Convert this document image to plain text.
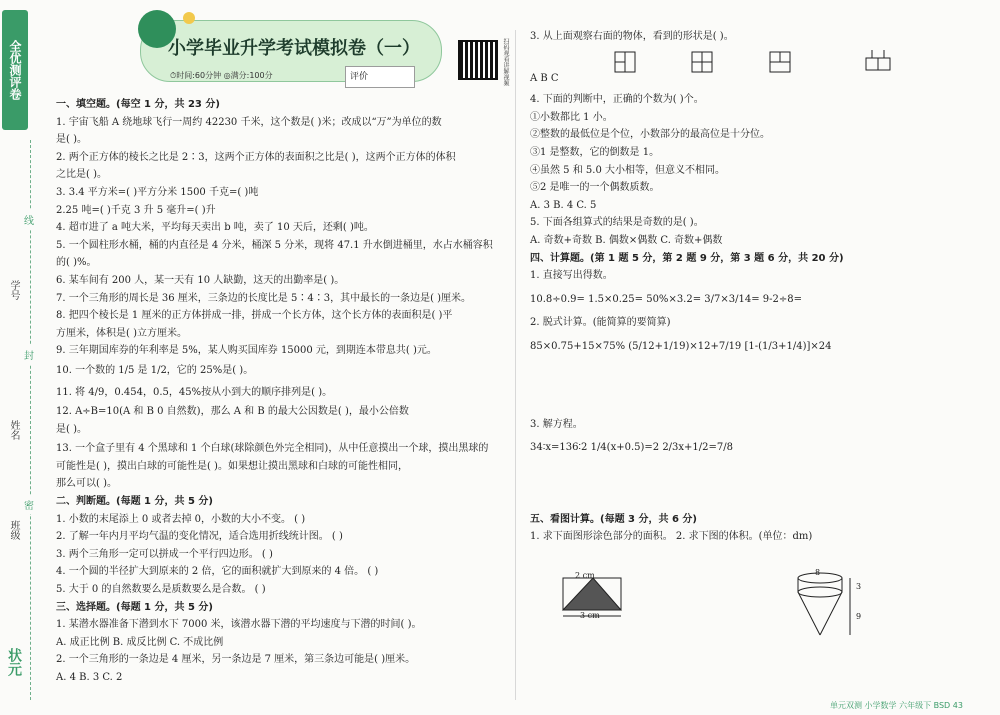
全优测评卷
线
封
密
学号
姓名
班级
状元
小学毕业升学考试模拟卷（一）
⏱时间:60分钟 ◎满分:100分	评价	扫码观看讲解视频
一、填空题。(每空 1 分，共 23 分)
1. 宇宙飞船 A 绕地球飞行一周约 42230 千米，这个数是( )米；改成以“万”为单位的数
是( )。
2. 两个正方体的棱长之比是 2∶3，这两个正方体的表面积之比是( )，这两个正方体的体积
之比是( )。
3. 3.4 平方米=( )平方分米 1500 千克=( )吨
2.25 吨=( )千克 3 升 5 毫升=( )升
4. 超市进了 a 吨大米，平均每天卖出 b 吨，卖了 10 天后，还剩( )吨。
5. 一个圆柱形水桶，桶的内直径是 4 分米，桶深 5 分米，现将 47.1 升水倒进桶里，水占水桶容积
的( )%。
6. 某车间有 200 人，某一天有 10 人缺勤，这天的出勤率是( )。
7. 一个三角形的周长是 36 厘米，三条边的长度比是 5∶4∶3，其中最长的一条边是( )厘米。
8. 把四个棱长是 1 厘米的正方体拼成一排，拼成一个长方体，这个长方体的表面积是( )平
方厘米，体积是( )立方厘米。
9. 三年期国库券的年利率是 5%，某人购买国库券 15000 元，到期连本带息共( )元。
10. 一个数的 1/5 是 1/2，它的 25%是( )。
11. 将 4/9，0.454，0.5，45%按从小到大的顺序排列是( )。
12. A÷B=10(A 和 B 0 自然数)，那么 A 和 B 的最大公因数是( )，最小公倍数
是( )。
13. 一个盒子里有 4 个黑球和 1 个白球(球除颜色外完全相同)，从中任意摸出一个球，摸出黑球的
可能性是( )，摸出白球的可能性是( )。如果想让摸出黑球和白球的可能性相同，
那么可以( )。
二、判断题。(每题 1 分，共 5 分)
1. 小数的末尾添上 0 或者去掉 0，小数的大小不变。 ( )
2. 了解一年内月平均气温的变化情况，适合选用折线统计图。 ( )
3. 两个三角形一定可以拼成一个平行四边形。 ( )
4. 一个圆的半径扩大到原来的 2 倍，它的面积就扩大到原来的 4 倍。 ( )
5. 大于 0 的自然数要么是质数要么是合数。 ( )
三、选择题。(每题 1 分，共 5 分)
1. 某潜水器准备下潜到水下 7000 米，该潜水器下潜的平均速度与下潜的时间( )。
A. 成正比例 B. 成反比例 C. 不成比例
2. 一个三角形的一条边是 4 厘米，另一条边是 7 厘米，第三条边可能是( )厘米。
A. 4 B. 3 C. 2
3. 从上面观察右面的物体，看到的形状是( )。
A B C
4. 下面的判断中，正确的个数为( )个。
①小数都比 1 小。
②整数的最低位是个位，小数部分的最高位是十分位。
③1 是整数，它的倒数是 1。
④虽然 5 和 5.0 大小相等，但意义不相同。
⑤2 是唯一的一个偶数质数。
A. 3 B. 4 C. 5
5. 下面各组算式的结果是奇数的是( )。
A. 奇数+奇数 B. 偶数×偶数 C. 奇数+偶数
四、计算题。(第 1 题 5 分，第 2 题 9 分，第 3 题 6 分，共 20 分)
1. 直接写出得数。
10.8÷0.9= 1.5×0.25= 50%×3.2= 3/7×3/14= 9-2÷8=
2. 脱式计算。(能简算的要简算)
85×0.75+15×75% (5/12+1/19)×12+7/19 [1-(1/3+1/4)]×24
3. 解方程。
34∶x=136∶2 1/4(x+0.5)=2 2/3x+1/2=7/8
五、看图计算。(每题 3 分，共 6 分)
1. 求下面图形涂色部分的面积。 2. 求下图的体积。(单位：dm)
2 cm
3 cm
8
3
9
单元双测 小学数学 六年级下 BSD 43
